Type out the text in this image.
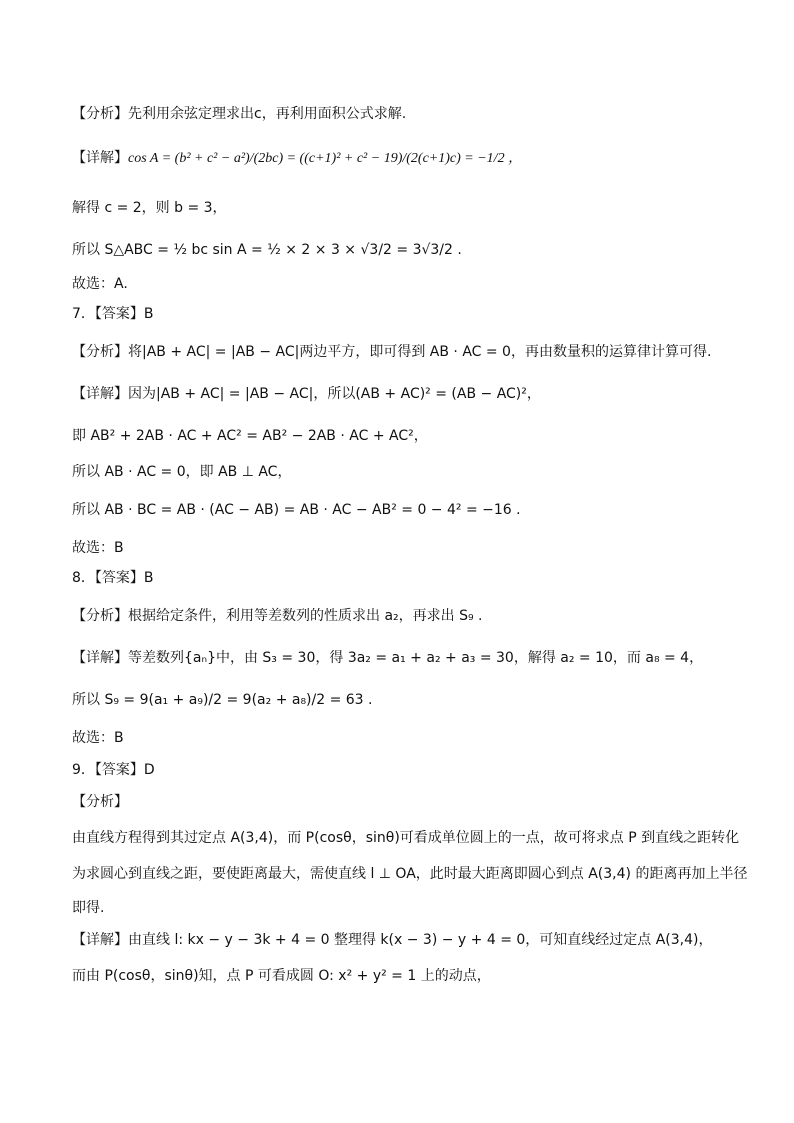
【分析】先利用余弦定理求出c，再利用面积公式求解.
【详解】cos A = (b² + c² − a²)/(2bc) = ((c+1)² + c² − 19)/(2(c+1)c) = −1/2 ，
解得 c = 2，则 b = 3，
所以 S△ABC = ½ bc sin A = ½ × 2 × 3 × √3/2 = 3√3/2 .
故选：A.
7．【答案】B
【分析】将|AB + AC| = |AB − AC|两边平方，即可得到 AB · AC = 0，再由数量积的运算律计算可得.
【详解】因为|AB + AC| = |AB − AC|，所以(AB + AC)² = (AB − AC)²，
即 AB² + 2AB · AC + AC² = AB² − 2AB · AC + AC²，
所以 AB · AC = 0，即 AB ⊥ AC，
所以 AB · BC = AB · (AC − AB) = AB · AC − AB² = 0 − 4² = −16 .
故选：B
8．【答案】B
【分析】根据给定条件，利用等差数列的性质求出 a₂，再求出 S₉ .
【详解】等差数列{aₙ}中，由 S₃ = 30，得 3a₂ = a₁ + a₂ + a₃ = 30，解得 a₂ = 10，而 a₈ = 4，
所以 S₉ = 9(a₁ + a₉)/2 = 9(a₂ + a₈)/2 = 63 .
故选：B
9．【答案】D
【分析】
由直线方程得到其过定点 A(3,4)，而 P(cosθ，sinθ)可看成单位圆上的一点，故可将求点 P 到直线之距转化
为求圆心到直线之距，要使距离最大，需使直线 l ⊥ OA，此时最大距离即圆心到点 A(3,4) 的距离再加上半径
即得.
【详解】由直线 l: kx − y − 3k + 4 = 0 整理得 k(x − 3) − y + 4 = 0，可知直线经过定点 A(3,4)，
而由 P(cosθ，sinθ)知，点 P 可看成圆 O: x² + y² = 1 上的动点，
